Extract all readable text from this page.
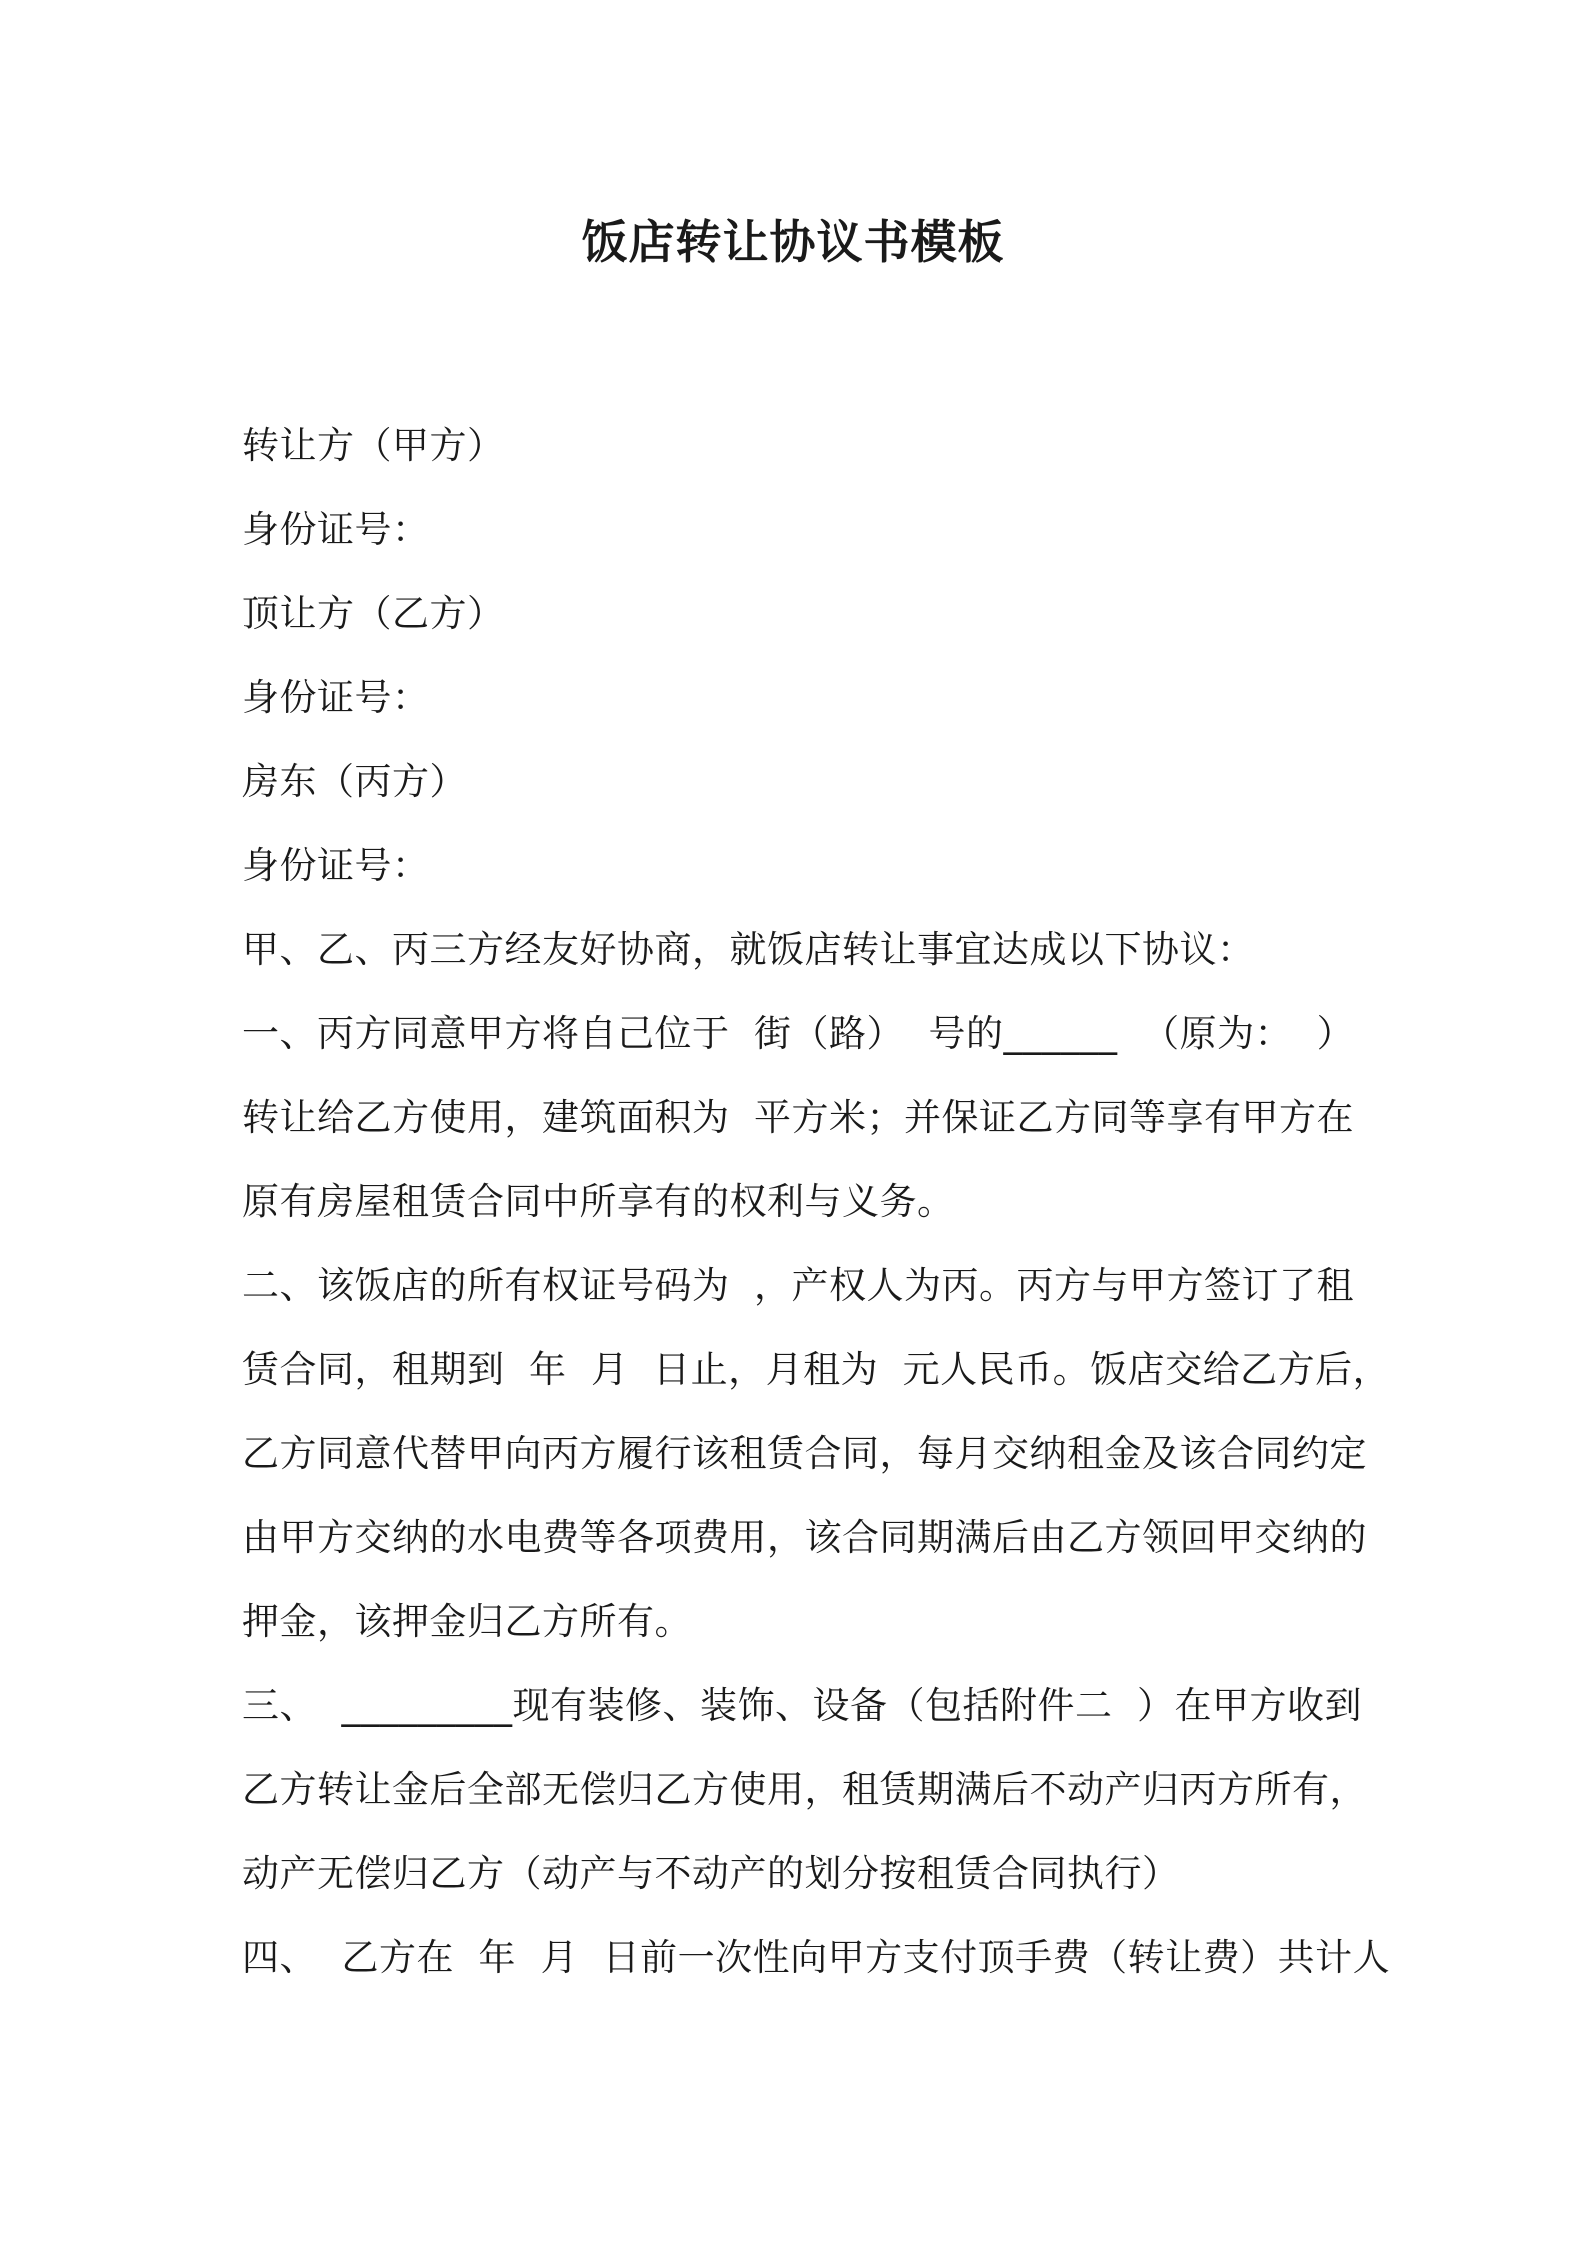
饭店转让协议书模板

转让方（甲方）

身份证号：

顶让方（乙方）

身份证号：

房东（丙方）

身份证号：

甲、乙、丙三方经友好协商，就饭店转让事宜达成以下协议：

一、丙方同意甲方将自己位于  街（路）  号的______  （原为：  ）

转让给乙方使用，建筑面积为  平方米；并保证乙方同等享有甲方在

原有房屋租赁合同中所享有的权利与义务。

二、该饭店的所有权证号码为  ，产权人为丙。丙方与甲方签订了租

赁合同，租期到  年  月  日止，月租为  元人民币。饭店交给乙方后，

乙方同意代替甲向丙方履行该租赁合同，每月交纳租金及该合同约定

由甲方交纳的水电费等各项费用，该合同期满后由乙方领回甲交纳的

押金，该押金归乙方所有。

三、  _________现有装修、装饰、设备（包括附件二  ）在甲方收到

乙方转让金后全部无偿归乙方使用，租赁期满后不动产归丙方所有，

动产无偿归乙方（动产与不动产的划分按租赁合同执行）

四、  乙方在  年  月  日前一次性向甲方支付顶手费（转让费）共计人
